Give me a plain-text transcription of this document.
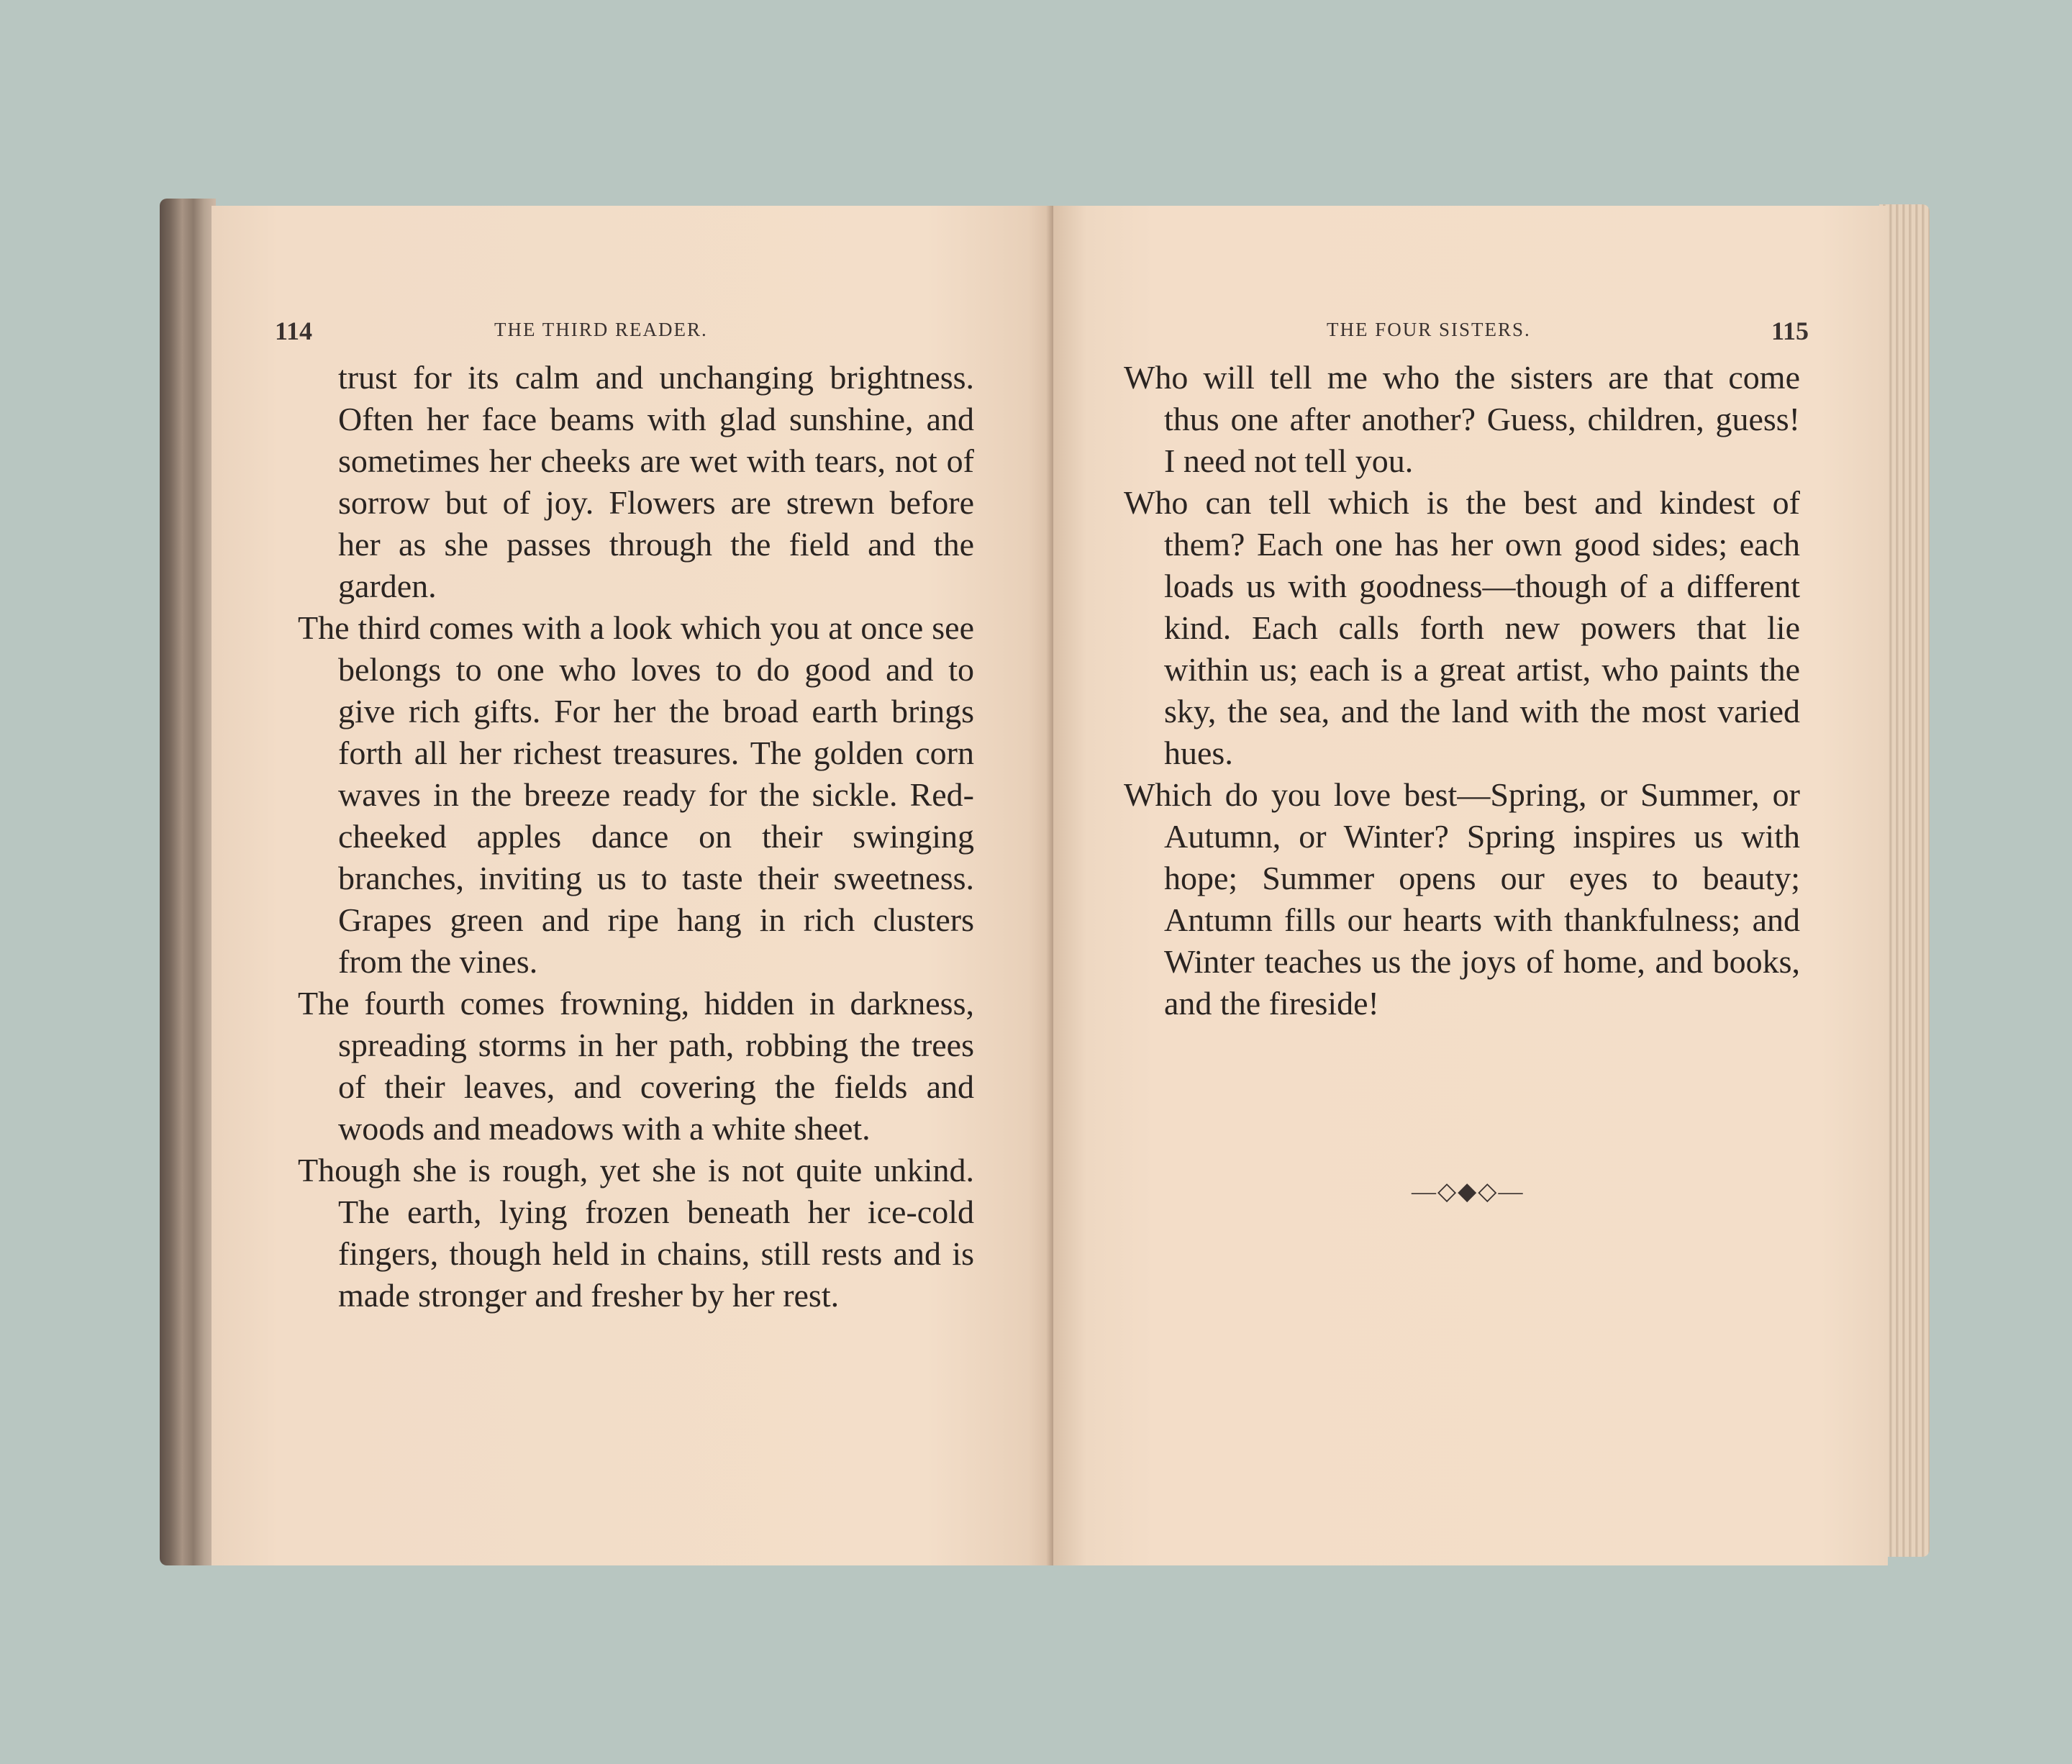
114	THE THIRD READER.

trust for its calm and unchanging brightness. Often her face beams with glad sunshine, and sometimes her cheeks are wet with tears, not of sorrow but of joy. Flowers are strewn before her as she passes through the field and the garden.

The third comes with a look which you at once see belongs to one who loves to do good and to give rich gifts. For her the broad earth brings forth all her richest treasures. The golden corn waves in the breeze ready for the sickle. Red-cheeked apples dance on their swinging branches, inviting us to taste their sweetness. Grapes green and ripe hang in rich clusters from the vines.

The fourth comes frowning, hidden in darkness, spreading storms in her path, robbing the trees of their leaves, and covering the fields and woods and meadows with a white sheet.

Though she is rough, yet she is not quite unkind. The earth, lying frozen beneath her ice-cold fingers, though held in chains, still rests and is made stronger and fresher by her rest.

THE FOUR SISTERS.	115

Who will tell me who the sisters are that come thus one after another? Guess, children, guess! I need not tell you.

Who can tell which is the best and kindest of them? Each one has her own good sides; each loads us with goodness—though of a different kind. Each calls forth new powers that lie within us; each is a great artist, who paints the sky, the sea, and the land with the most varied hues.

Which do you love best—Spring, or Summer, or Autumn, or Winter? Spring inspires us with hope; Summer opens our eyes to beauty; Antumn fills our hearts with thankfulness; and Winter teaches us the joys of home, and books, and the fireside!

—◇◆◇—
